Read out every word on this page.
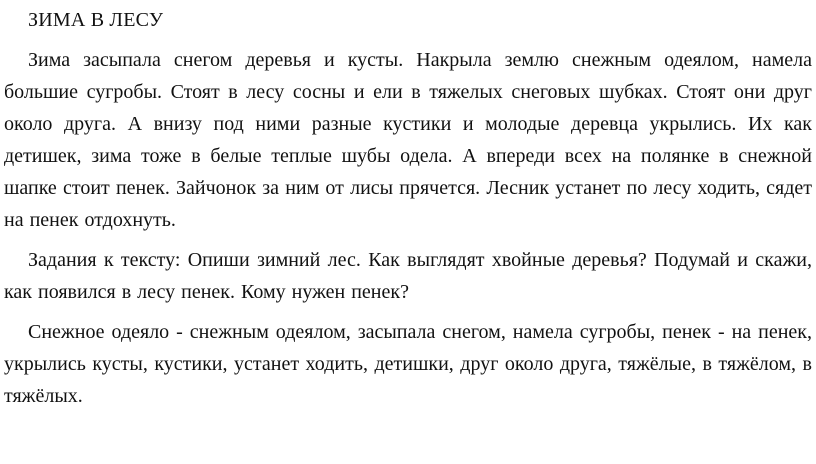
ЗИМА В ЛЕСУ

Зима засыпала снегом деревья и кусты. Накрыла землю снежным одеялом, намела большие сугробы. Стоят в лесу сосны и ели в тяжелых снеговых шубках. Стоят они друг около друга. А внизу под ними разные кустики и молодые деревца укрылись. Их как детишек, зима тоже в белые теплые шубы одела. А впереди всех на полянке в снежной шапке стоит пенек. Зайчонок за ним от лисы прячется. Лесник устанет по лесу ходить, сядет на пенек отдохнуть.

Задания к тексту: Опиши зимний лес. Как выглядят хвойные деревья? Подумай и скажи, как появился в лесу пенек. Кому нужен пенек?

Снежное одеяло - снежным одеялом, засыпала снегом, намела сугробы, пенек - на пенек, укрылись кусты, кустики, устанет ходить, детишки, друг около друга, тяжёлые, в тяжёлом, в тяжёлых.
